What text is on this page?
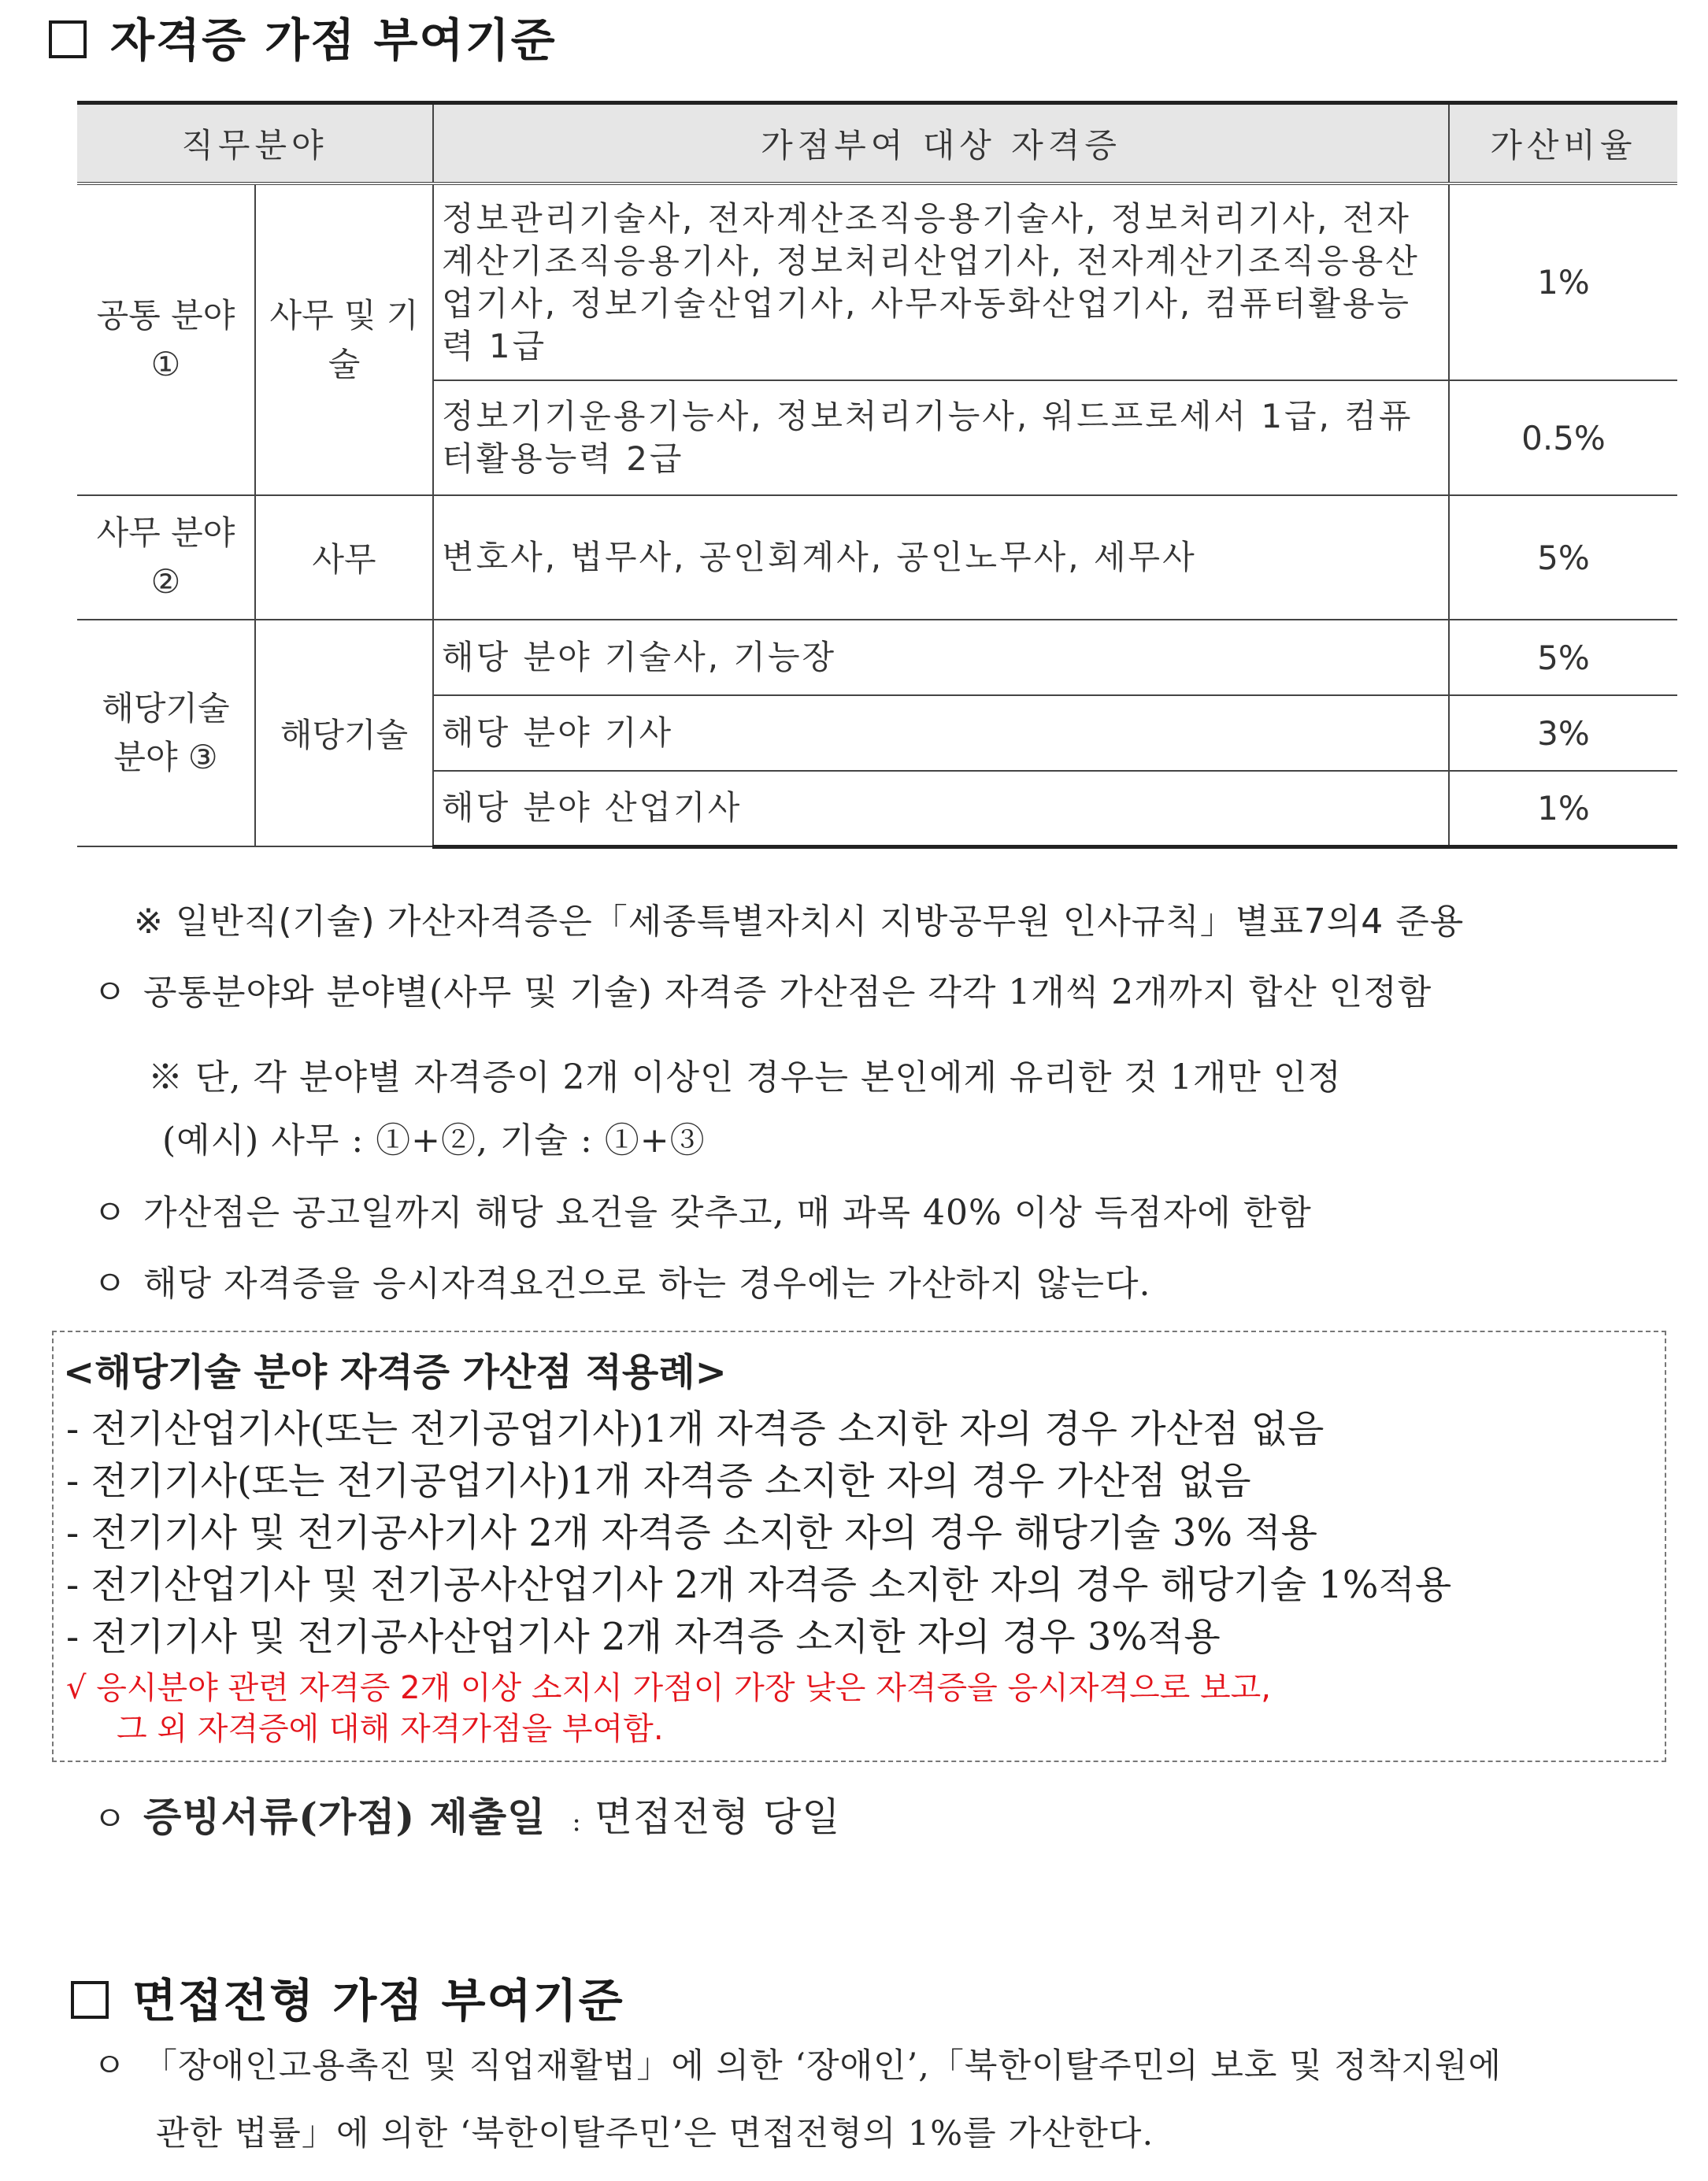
자격증 가점 부여기준
직무분야		가점부여 대상 자격증	가산비율
공통 분야 ①	사무 및 기술	정보관리기술사, 전자계산조직응용기술사, 정보처리기사, 전자계산기조직응용기사, 정보처리산업기사, 전자계산기조직응용산업기사, 정보기술산업기사, 사무자동화산업기사, 컴퓨터활용능력 1급	1%
		정보기기운용기능사, 정보처리기능사, 워드프로세서 1급, 컴퓨터활용능력 2급	0.5%
사무 분야 ②	사무	변호사, 법무사, 공인회계사, 공인노무사, 세무사	5%
해당기술 분야 ③	해당기술	해당 분야 기술사, 기능장	5%
		해당 분야 기사	3%
		해당 분야 산업기사	1%
※ 일반직(기술) 가산자격증은「세종특별자치시 지방공무원 인사규칙」별표7의4 준용
ㅇ 공통분야와 분야별(사무 및 기술) 자격증 가산점은 각각 1개씩 2개까지 합산 인정함
※ 단, 각 분야별 자격증이 2개 이상인 경우는 본인에게 유리한 것 1개만 인정
(예시) 사무 : ①+②, 기술 : ①+③
ㅇ 가산점은 공고일까지 해당 요건을 갖추고, 매 과목 40% 이상 득점자에 한함
ㅇ 해당 자격증을 응시자격요건으로 하는 경우에는 가산하지 않는다.
<해당기술 분야 자격증 가산점 적용례>
- 전기산업기사(또는 전기공업기사)1개 자격증 소지한 자의 경우 가산점 없음
- 전기기사(또는 전기공업기사)1개 자격증 소지한 자의 경우 가산점 없음
- 전기기사 및 전기공사기사 2개 자격증 소지한 자의 경우 해당기술 3% 적용
- 전기산업기사 및 전기공사산업기사 2개 자격증 소지한 자의 경우 해당기술 1%적용
- 전기기사 및 전기공사산업기사 2개 자격증 소지한 자의 경우 3%적용
√ 응시분야 관련 자격증 2개 이상 소지시 가점이 가장 낮은 자격증을 응시자격으로 보고,
그 외 자격증에 대해 자격가점을 부여함.
ㅇ 증빙서류(가점) 제출일 : 면접전형 당일
면접전형 가점 부여기준
ㅇ 「장애인고용촉진 및 직업재활법」에 의한 ‘장애인’,「북한이탈주민의 보호 및 정착지원에
관한 법률」에 의한 ‘북한이탈주민’은 면접전형의 1%를 가산한다.
